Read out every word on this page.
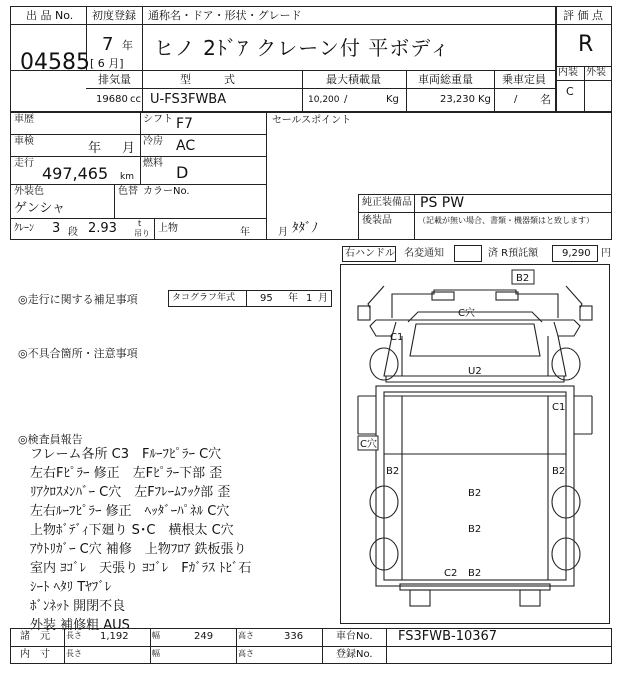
出 品 No. 初度登録 通称名・ドア・形状・グレード	評 価 点
04585
7 年
[ 6 月]
ヒノ 2ﾄﾞｱ クレーン付 平ボディ	R
内装 外装
C
排気量	型　　　式	最大積載量	車両総重量	乗車定員
19680 cc U-FS3FWBA	10,200 /	Kg	23,230 Kg / 名
車歴	シフト F7
車検	年 月 冷房 AC
走行
497,465 km
燃料 D
外装色	色替 カラーNo.
ゲンシャ
ｸﾚｰﾝ 3 段 2.93	t
吊り 上物	年	月 ﾀﾀﾞﾉ
セールスポイント
純正装備品 PS PW
後装品	（記載が無い場合、書類・機器類はと致します）
右ハンドル 名変通知	済 R預託額 9,290 円
◎走行に関する補足事項	タコグラフ年式 95 年 1 月
◎不具合箇所・注意事項
◎検査員報告
フレーム各所 C3　Fﾙｰﾌﾋﾟﾗｰ C穴
左右Fﾋﾟﾗｰ 修正　左Fﾋﾟﾗｰ下部 歪
ﾘｱｸﾛｽﾒﾝﾊﾞｰ C穴　左Fﾌﾚｰﾑﾌｯｸ部 歪
左右ﾙｰﾌﾋﾟﾗｰ 修正　ﾍｯﾀﾞｰﾊﾟﾈﾙ C穴
上物ﾎﾞﾃﾞｨ下廻り S･C　横根太 C穴
ｱｳﾄﾘｶﾞｰ C穴 補修　上物ﾌﾛｱ 鉄板張り
室内 ﾖｺﾞﾚ　天張り ﾖｺﾞﾚ　Fｶﾞﾗｽ ﾄﾋﾞ石
ｼｰﾄ ﾍﾀﾘ Tﾔﾌﾞﾚ
ﾎﾞﾝﾈｯﾄ 開閉不良
外装 補修粗 AUS
B2
C穴
C1
U2
C1
C穴
B2	B2
B2
B2
C2 B2
諸　元 長さ 1,192	幅	249	高さ	336	車台No. FS3FWB-10367
内　寸 長さ	幅	高さ	登録No.
